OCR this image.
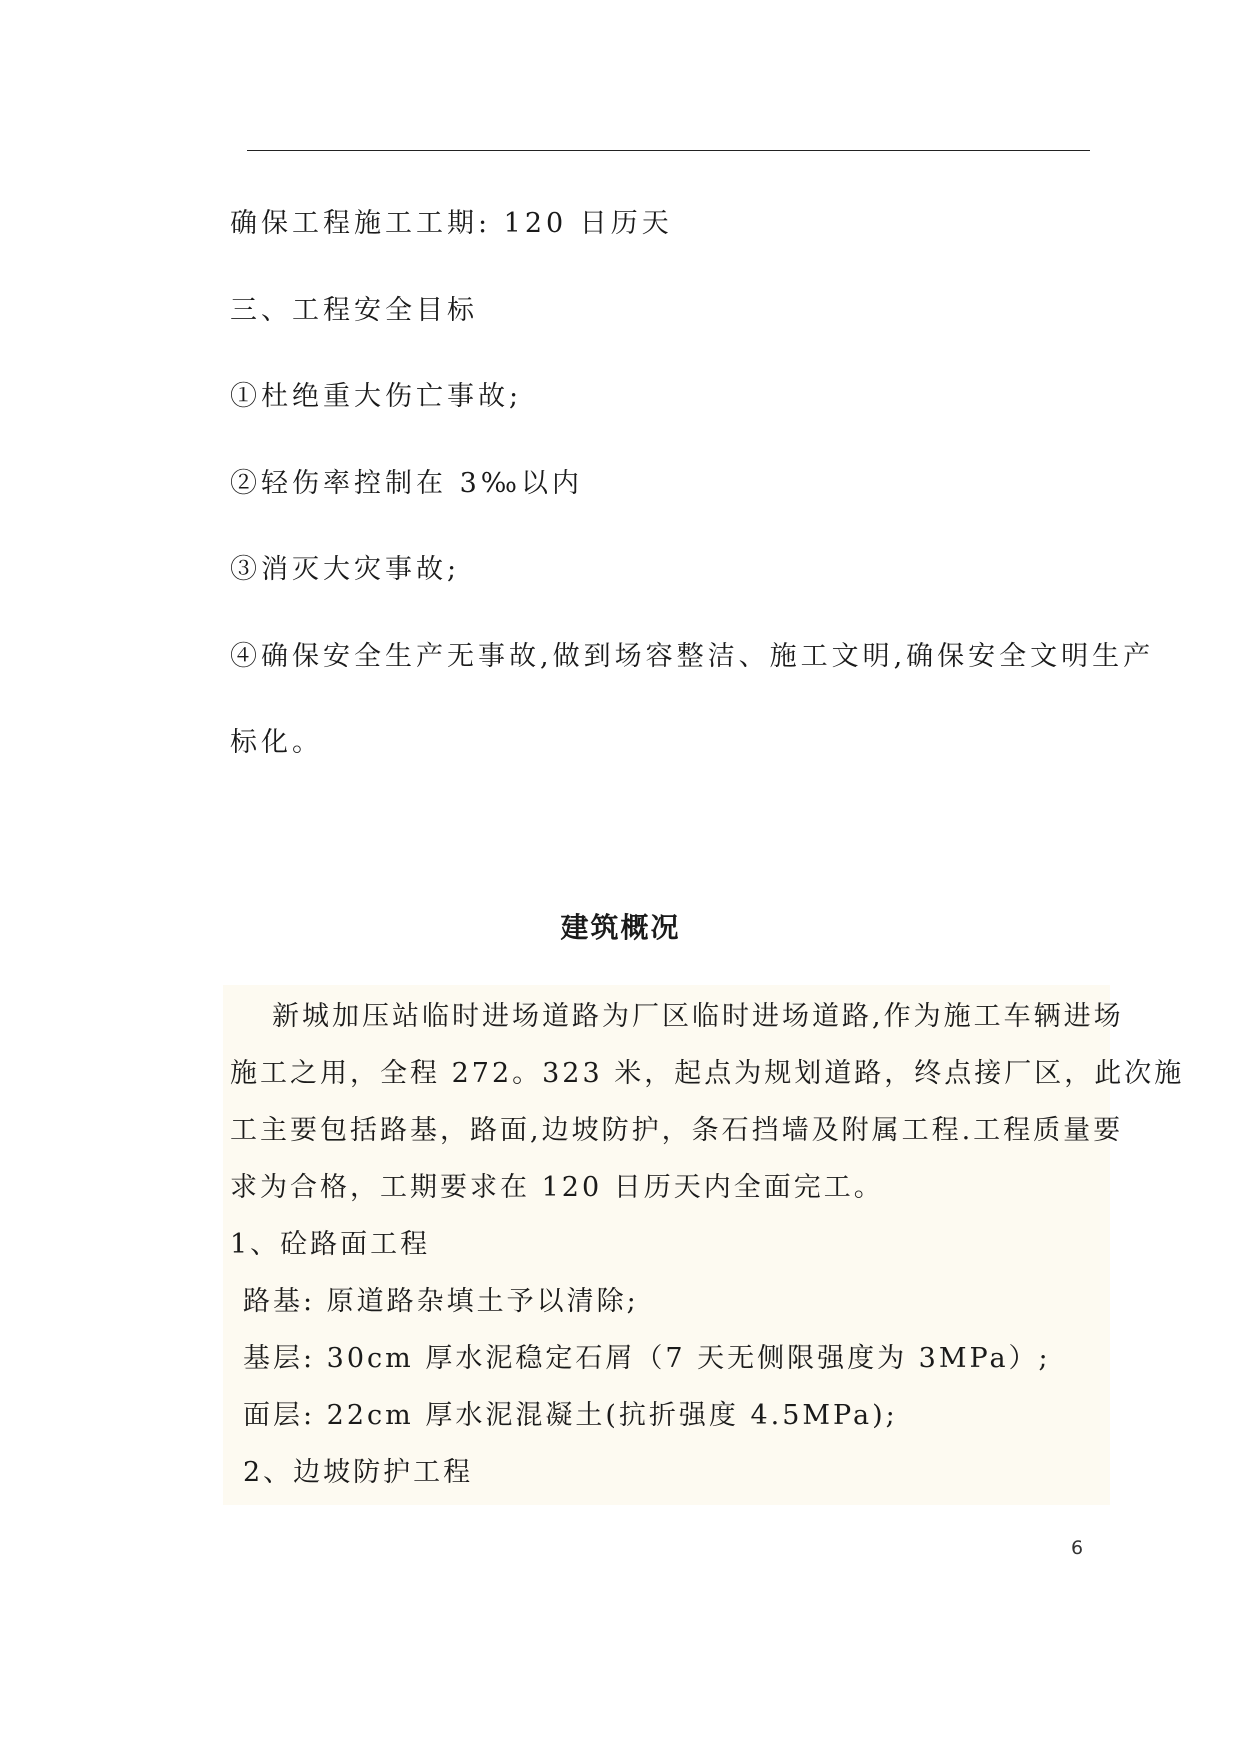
确保工程施工工期: 120 日历天
三、工程安全目标
①杜绝重大伤亡事故;
②轻伤率控制在 3‰以内
③消灭大灾事故;
④确保安全生产无事故,做到场容整洁、施工文明,确保安全文明生产
标化。
建筑概况
新城加压站临时进场道路为厂区临时进场道路,作为施工车辆进场
施工之用，全程 272。323 米，起点为规划道路，终点接厂区，此次施
工主要包括路基，路面,边坡防护，条石挡墙及附属工程.工程质量要
求为合格，工期要求在 120 日历天内全面完工。
1、砼路面工程
路基: 原道路杂填土予以清除;
基层: 30cm 厚水泥稳定石屑（7 天无侧限强度为 3MPa）;
面层: 22cm 厚水泥混凝土(抗折强度 4.5MPa);
2、边坡防护工程
6
